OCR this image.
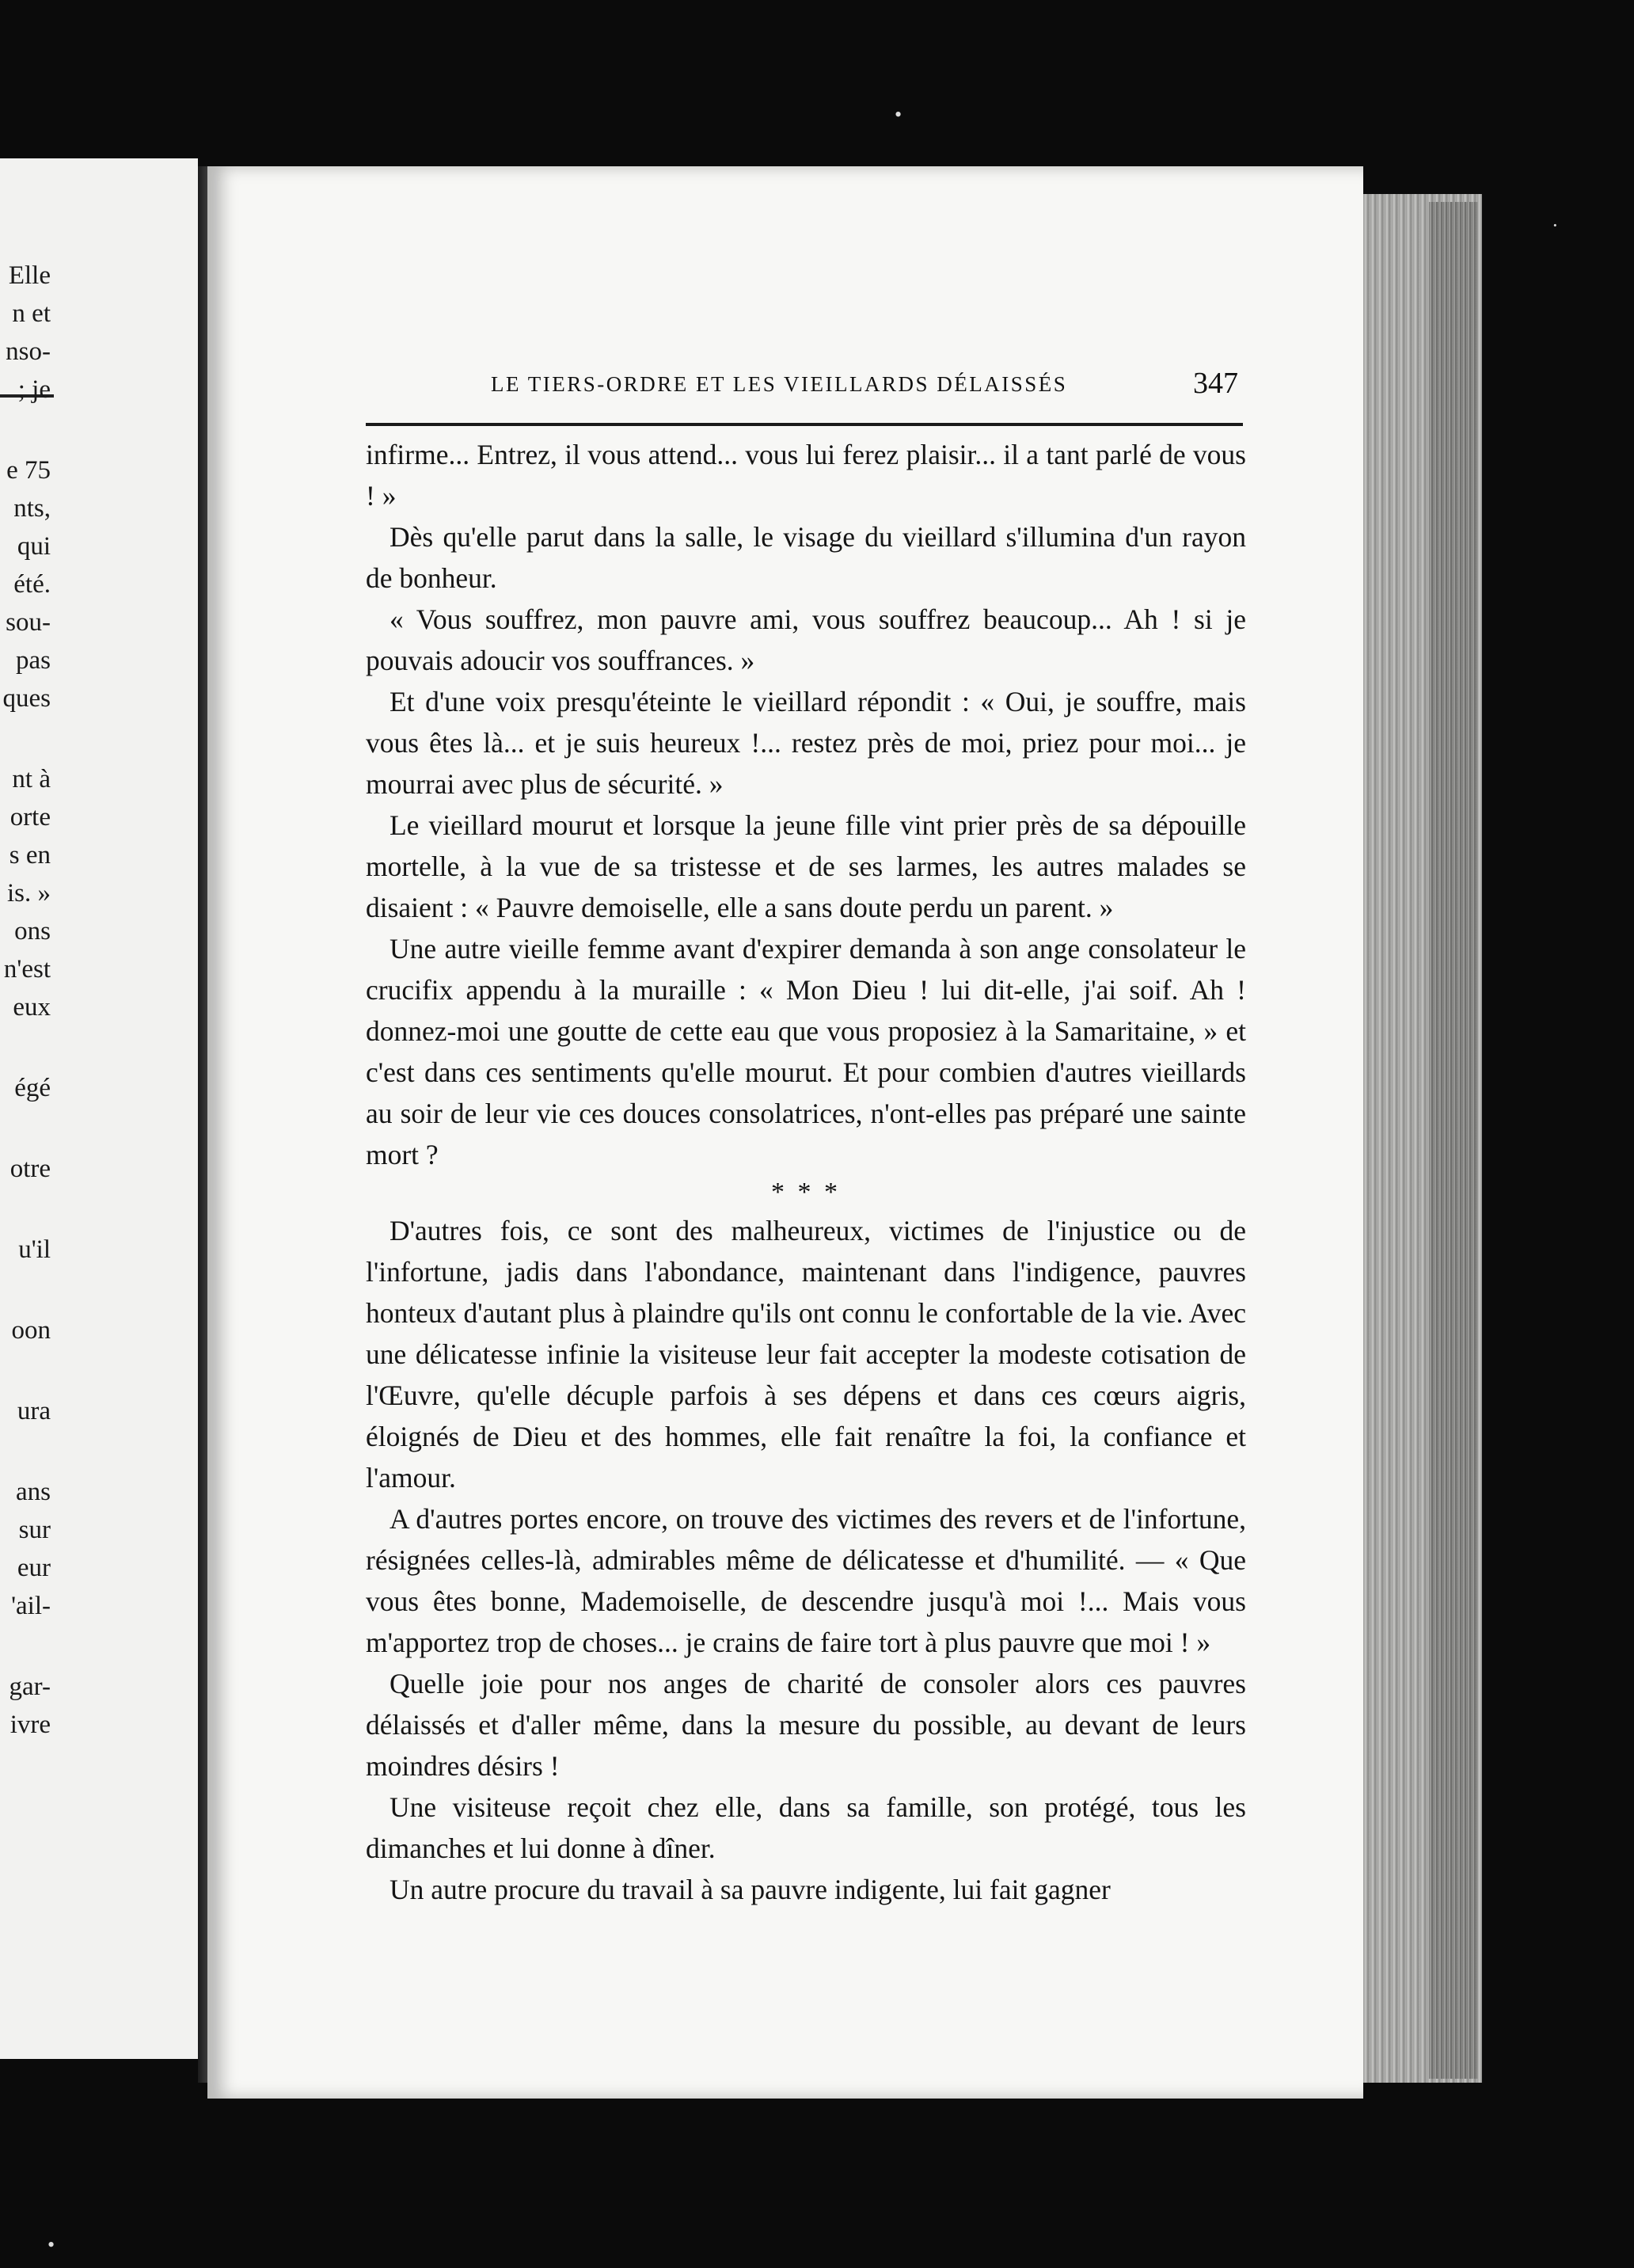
Elle
n et
nso-
; je
e 75
nts,
qui
été.
sou-
pas
ques
nt à
orte
s en
is. »
ons
n'est
eux
égé
otre
u'il
oon
ura
ans
sur
eur
'ail-
gar-
ivre
LE TIERS-ORDRE ET LES VIEILLARDS DÉLAISSÉS	347

infirme... Entrez, il vous attend... vous lui ferez plaisir... il a tant parlé de vous ! »

Dès qu'elle parut dans la salle, le visage du vieillard s'illumina d'un rayon de bonheur.

« Vous souffrez, mon pauvre ami, vous souffrez beaucoup... Ah ! si je pouvais adoucir vos souffrances. »

Et d'une voix presqu'éteinte le vieillard répondit : « Oui, je souffre, mais vous êtes là... et je suis heureux !... restez près de moi, priez pour moi... je mourrai avec plus de sécurité. »

Le vieillard mourut et lorsque la jeune fille vint prier près de sa dépouille mortelle, à la vue de sa tristesse et de ses larmes, les autres malades se disaient : « Pauvre demoiselle, elle a sans doute perdu un parent. »

Une autre vieille femme avant d'expirer demanda à son ange consolateur le crucifix appendu à la muraille : « Mon Dieu ! lui dit-elle, j'ai soif. Ah ! donnez-moi une goutte de cette eau que vous proposiez à la Samaritaine, » et c'est dans ces sentiments qu'elle mourut. Et pour combien d'autres vieillards au soir de leur vie ces douces consolatrices, n'ont-elles pas préparé une sainte mort ?

* * *

D'autres fois, ce sont des malheureux, victimes de l'injustice ou de l'infortune, jadis dans l'abondance, maintenant dans l'indigence, pauvres honteux d'autant plus à plaindre qu'ils ont connu le confortable de la vie. Avec une délicatesse infinie la visiteuse leur fait accepter la modeste cotisation de l'Œuvre, qu'elle décuple parfois à ses dépens et dans ces cœurs aigris, éloignés de Dieu et des hommes, elle fait renaître la foi, la confiance et l'amour.

A d'autres portes encore, on trouve des victimes des revers et de l'infortune, résignées celles-là, admirables même de délicatesse et d'humilité. — « Que vous êtes bonne, Mademoiselle, de descendre jusqu'à moi !... Mais vous m'apportez trop de choses... je crains de faire tort à plus pauvre que moi ! »

Quelle joie pour nos anges de charité de consoler alors ces pauvres délaissés et d'aller même, dans la mesure du possible, au devant de leurs moindres désirs !

Une visiteuse reçoit chez elle, dans sa famille, son protégé, tous les dimanches et lui donne à dîner.

Un autre procure du travail à sa pauvre indigente, lui fait gagner

•
·
•
